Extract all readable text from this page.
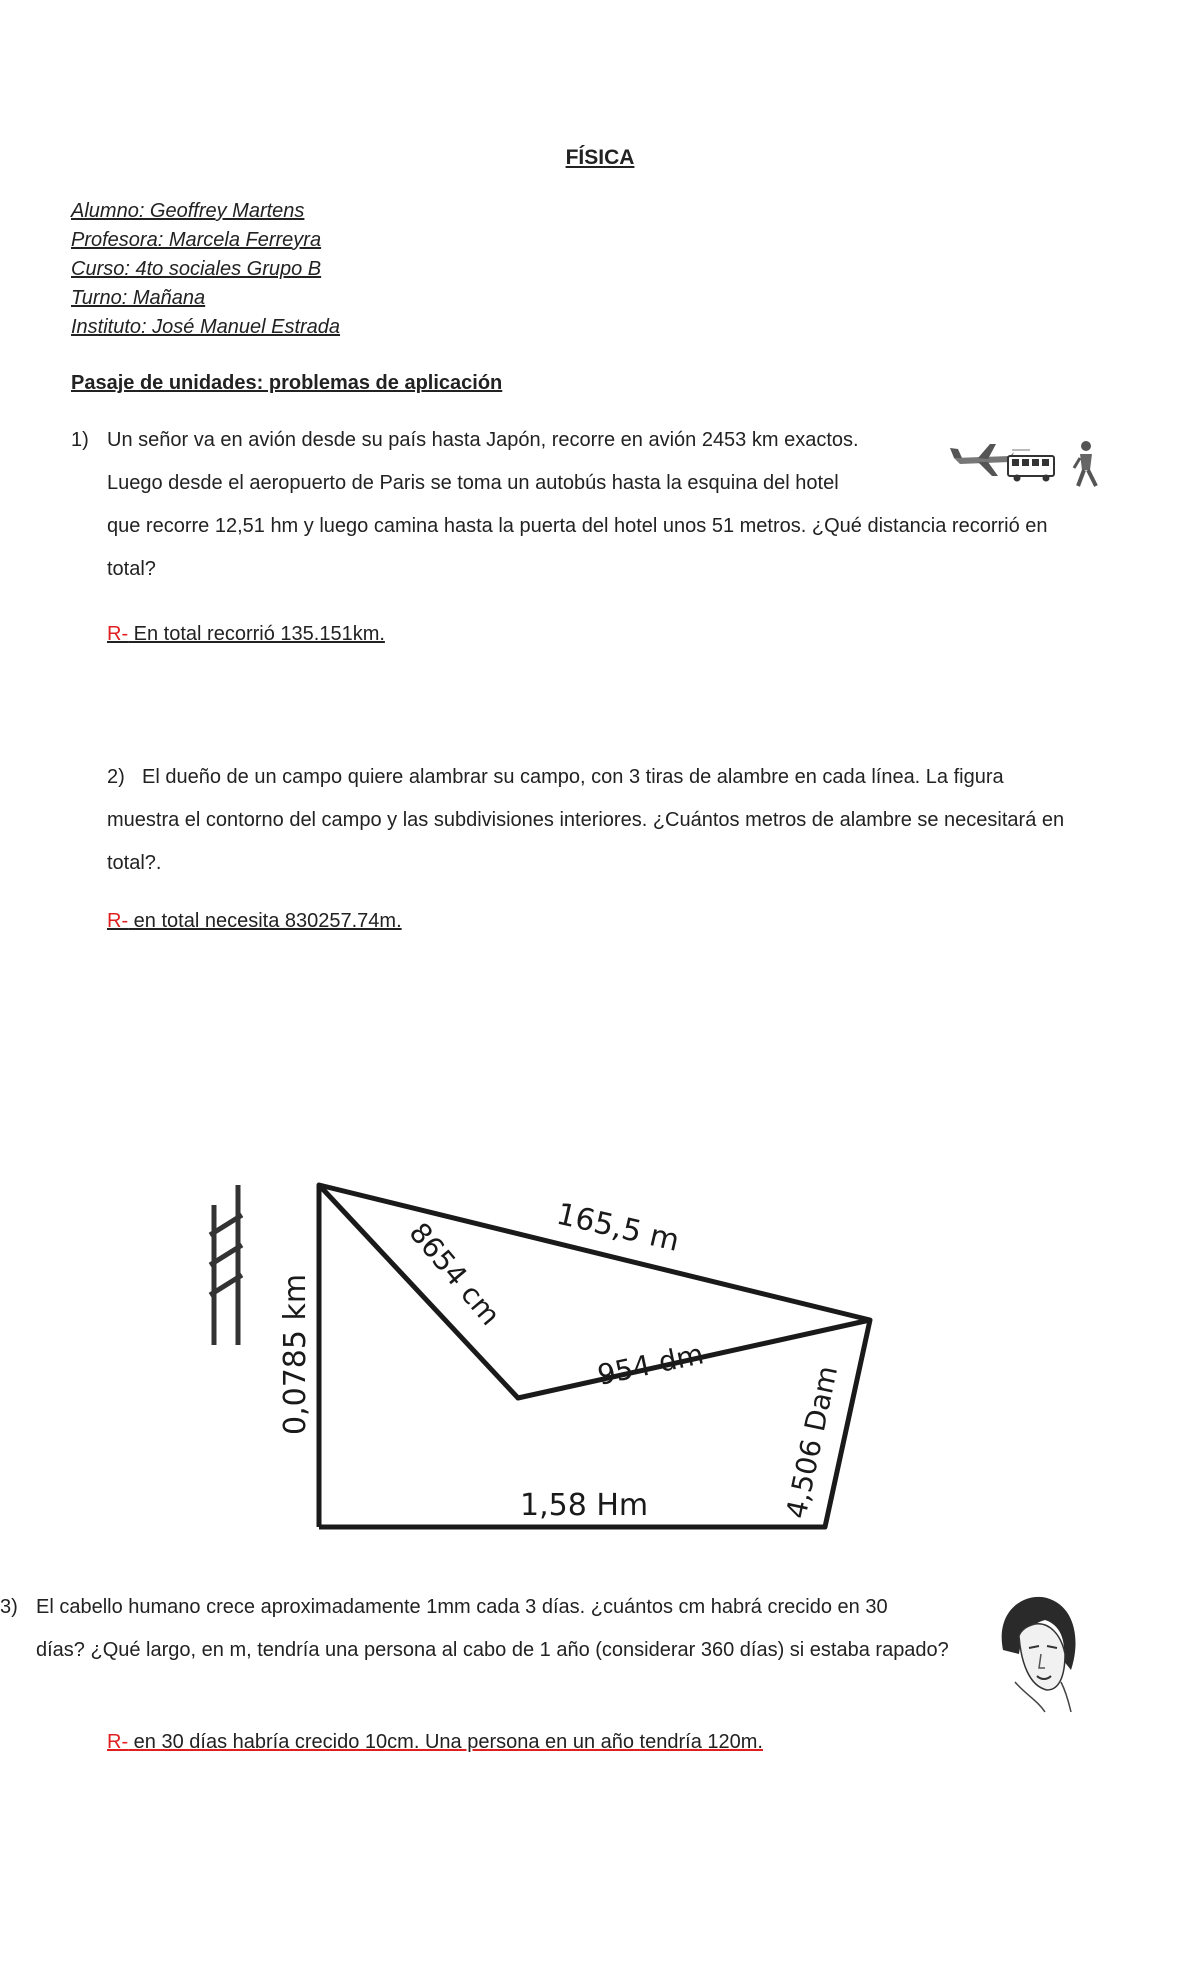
FÍSICA
Alumno: Geoffrey Martens
Profesora: Marcela Ferreyra
Curso: 4to sociales Grupo B
Turno: Mañana
Instituto: José Manuel Estrada
Pasaje de unidades: problemas de aplicación
1) Un señor va en avión desde su país hasta Japón, recorre en avión 2453 km exactos.
Luego desde el aeropuerto de Paris se toma un autobús hasta la esquina del hotel
que recorre 12,51 hm y luego camina hasta la puerta del hotel unos 51 metros. ¿Qué distancia recorrió en
total?
R- En total recorrió 135.151km.
2) El dueño de un campo quiere alambrar su campo, con 3 tiras de alambre en cada línea. La figura
muestra el contorno del campo y las subdivisiones interiores. ¿Cuántos metros de alambre se necesitará en
total?.
R- en total necesita 830257.74m.
165,5 m
8654 cm
954 dm
0,0785 km
1,58 Hm	4,506 Dam
3) El cabello humano crece aproximadamente 1mm cada 3 días. ¿cuántos cm habrá crecido en 30
días? ¿Qué largo, en m, tendría una persona al cabo de 1 año (considerar 360 días) si estaba rapado?
R- en 30 días habría crecido 10cm. Una persona en un año tendría 120m.
